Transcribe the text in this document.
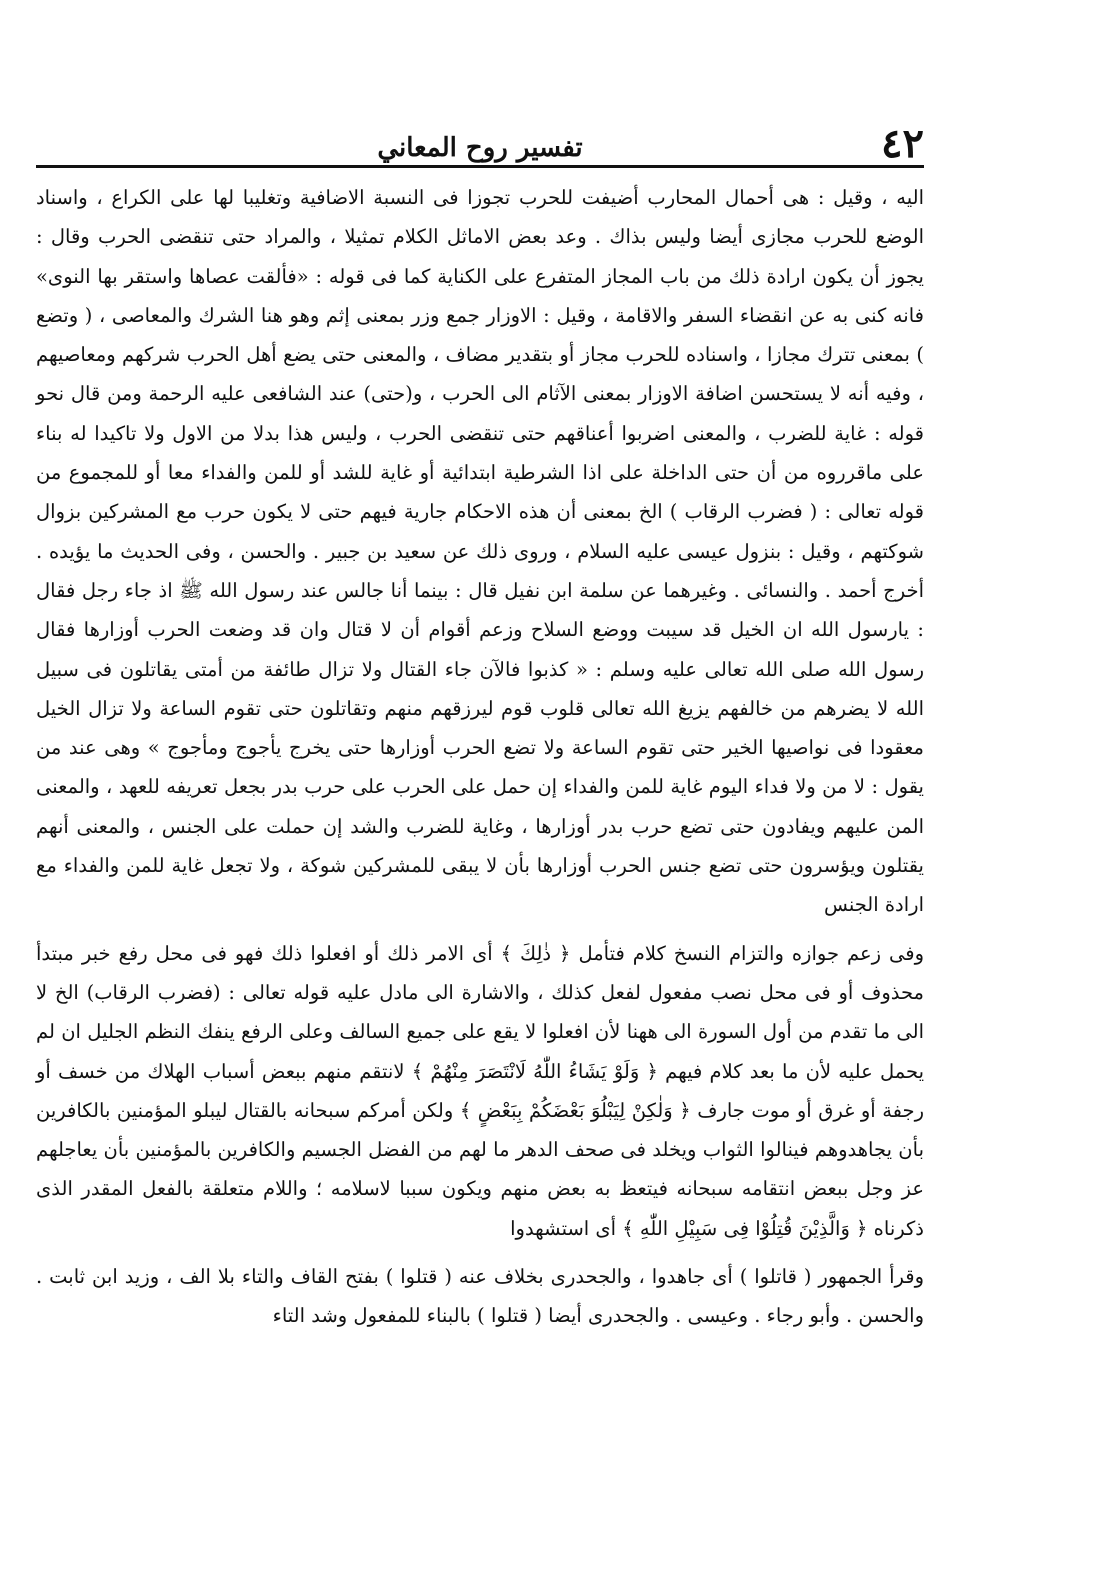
٤٢
تفسير روح المعاني

اليه ، وقيل : هى أحمال المحارب أضيفت للحرب تجوزا فى النسبة الاضافية وتغليبا لها على الكراع ، واسناد الوضع للحرب مجازى أيضا وليس بذاك . وعد بعض الاماثل الكلام تمثيلا ، والمراد حتى تنقضى الحرب وقال : يجوز أن يكون ارادة ذلك من باب المجاز المتفرع على الكناية كما فى قوله : «فألقت عصاها واستقر بها النوى» فانه كنى به عن انقضاء السفر والاقامة ، وقيل : الاوزار جمع وزر بمعنى إثم وهو هنا الشرك والمعاصى ، ( وتضع ) بمعنى تترك مجازا ، واسناده للحرب مجاز أو بتقدير مضاف ، والمعنى حتى يضع أهل الحرب شركهم ومعاصيهم ، وفيه أنه لا يستحسن اضافة الاوزار بمعنى الآثام الى الحرب ، و(حتى) عند الشافعى عليه الرحمة ومن قال نحو قوله : غاية للضرب ، والمعنى اضربوا أعناقهم حتى تنقضى الحرب ، وليس هذا بدلا من الاول ولا تاكيدا له بناء على ماقرروه من أن حتى الداخلة على اذا الشرطية ابتدائية أو غاية للشد أو للمن والفداء معا أو للمجموع من قوله تعالى : ( فضرب الرقاب ) الخ بمعنى أن هذه الاحكام جارية فيهم حتى لا يكون حرب مع المشركين بزوال شوكتهم ، وقيل : بنزول عيسى عليه السلام ، وروى ذلك عن سعيد بن جبير . والحسن ، وفى الحديث ما يؤيده . أخرج أحمد . والنسائى . وغيرهما عن سلمة ابن نفيل قال : بينما أنا جالس عند رسول الله ﷺ اذ جاء رجل فقال : يارسول الله ان الخيل قد سيبت ووضع السلاح وزعم أقوام أن لا قتال وان قد وضعت الحرب أوزارها فقال رسول الله صلى الله تعالى عليه وسلم : « كذبوا فالآن جاء القتال ولا تزال طائفة من أمتى يقاتلون فى سبيل الله لا يضرهم من خالفهم يزيغ الله تعالى قلوب قوم ليرزقهم منهم وتقاتلون حتى تقوم الساعة ولا تزال الخيل معقودا فى نواصيها الخير حتى تقوم الساعة ولا تضع الحرب أوزارها حتى يخرج يأجوج ومأجوج » وهى عند من يقول : لا من ولا فداء اليوم غاية للمن والفداء إن حمل على الحرب على حرب بدر بجعل تعريفه للعهد ، والمعنى المن عليهم ويفادون حتى تضع حرب بدر أوزارها ، وغاية للضرب والشد إن حملت على الجنس ، والمعنى أنهم يقتلون ويؤسرون حتى تضع جنس الحرب أوزارها بأن لا يبقى للمشركين شوكة ، ولا تجعل غاية للمن والفداء مع ارادة الجنس

وفى زعم جوازه والتزام النسخ كلام فتأمل ﴿ ذٰلِكَ ﴾ أى الامر ذلك أو افعلوا ذلك فهو فى محل رفع خبر مبتدأ محذوف أو فى محل نصب مفعول لفعل كذلك ، والاشارة الى مادل عليه قوله تعالى : (فضرب الرقاب) الخ لا الى ما تقدم من أول السورة الى ههنا لأن افعلوا لا يقع على جميع السالف وعلى الرفع ينفك النظم الجليل ان لم يحمل عليه لأن ما بعد كلام فيهم ﴿ وَلَوْ يَشَاءُ اللّٰهُ لَانْتَصَرَ مِنْهُمْ ﴾ لانتقم منهم ببعض أسباب الهلاك من خسف أو رجفة أو غرق أو موت جارف ﴿ وَلٰكِنْ لِيَبْلُوَ بَعْضَكُمْ بِبَعْضٍ ﴾ ولكن أمركم سبحانه بالقتال ليبلو المؤمنين بالكافرين بأن يجاهدوهم فينالوا الثواب ويخلد فى صحف الدهر ما لهم من الفضل الجسيم والكافرين بالمؤمنين بأن يعاجلهم عز وجل ببعض انتقامه سبحانه فيتعظ به بعض منهم ويكون سببا لاسلامه ؛ واللام متعلقة بالفعل المقدر الذى ذكرناه ﴿ وَالَّذِيْنَ قُتِلُوْا فِى سَبِيْلِ اللّٰهِ ﴾ أى استشهدوا

وقرأ الجمهور ( قاتلوا ) أى جاهدوا ، والجحدرى بخلاف عنه ( قتلوا ) بفتح القاف والتاء بلا الف ، وزيد ابن ثابت . والحسن . وأبو رجاء . وعيسى . والجحدرى أيضا ( قتلوا ) بالبناء للمفعول وشد التاء
